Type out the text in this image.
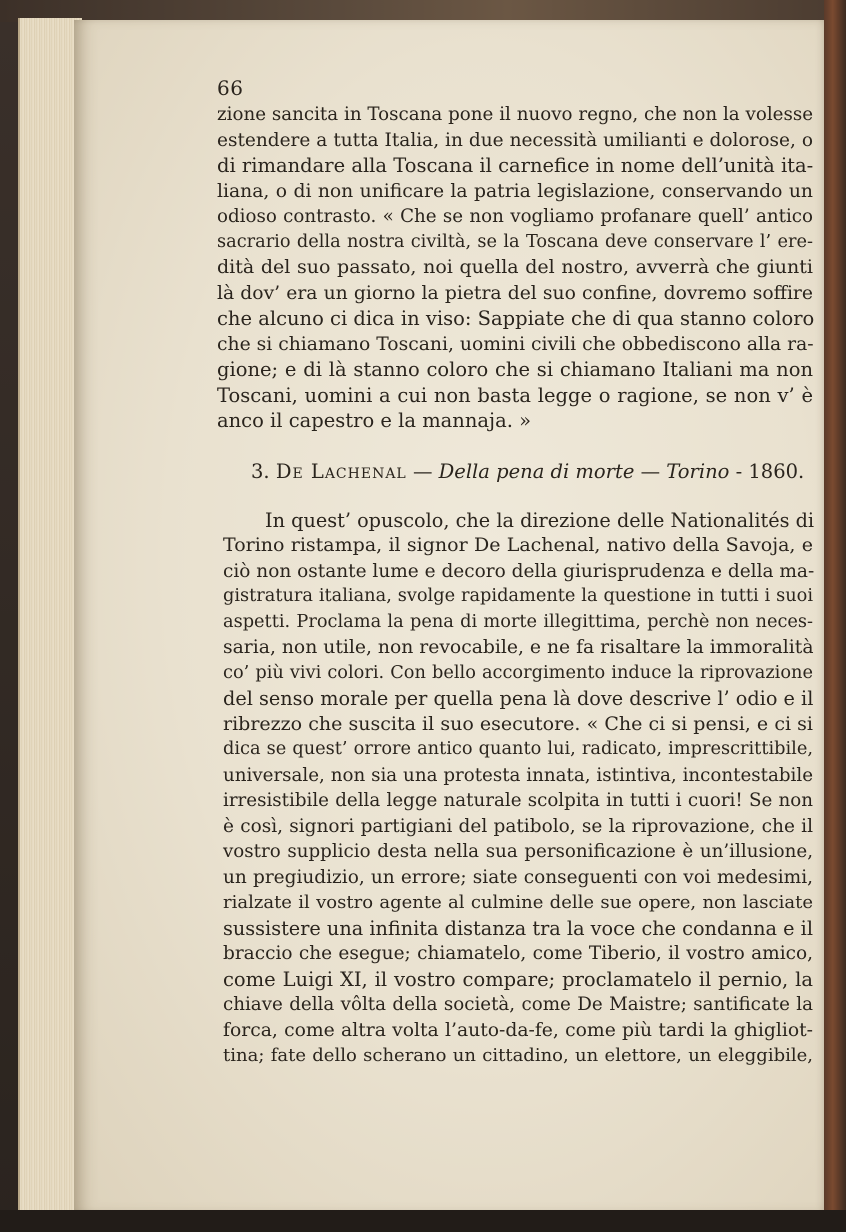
66
zione sancita in Toscana pone il nuovo regno, che non la volesse
estendere a tutta Italia, in due necessità umilianti e dolorose, o
di rimandare alla Toscana il carnefice in nome dell’unità ita-
liana, o di non unificare la patria legislazione, conservando un
odioso contrasto. « Che se non vogliamo profanare quell’ antico
sacrario della nostra civiltà, se la Toscana deve conservare l’ ere-
dità del suo passato, noi quella del nostro, avverrà che giunti
là dov’ era un giorno la pietra del suo confine, dovremo soffire
che alcuno ci dica in viso: Sappiate che di qua stanno coloro
che si chiamano Toscani, uomini civili che obbediscono alla ra-
gione; e di là stanno coloro che si chiamano Italiani ma non
Toscani, uomini a cui non basta legge o ragione, se non v’ è
anco il capestro e la mannaja. »
3. De Lachenal — Della pena di morte — Torino - 1860.
In quest’ opuscolo, che la direzione delle Nationalités di
Torino ristampa, il signor De Lachenal, nativo della Savoja, e
ciò non ostante lume e decoro della giurisprudenza e della ma-
gistratura italiana, svolge rapidamente la questione in tutti i suoi
aspetti. Proclama la pena di morte illegittima, perchè non neces-
saria, non utile, non revocabile, e ne fa risaltare la immoralità
co’ più vivi colori. Con bello accorgimento induce la riprovazione
del senso morale per quella pena là dove descrive l’ odio e il
ribrezzo che suscita il suo esecutore. « Che ci si pensi, e ci si
dica se quest’ orrore antico quanto lui, radicato, imprescrittibile,
universale, non sia una protesta innata, istintiva, incontestabile
irresistibile della legge naturale scolpita in tutti i cuori! Se non
è così, signori partigiani del patibolo, se la riprovazione, che il
vostro supplicio desta nella sua personificazione è un’illusione,
un pregiudizio, un errore; siate conseguenti con voi medesimi,
rialzate il vostro agente al culmine delle sue opere, non lasciate
sussistere una infinita distanza tra la voce che condanna e il
braccio che esegue; chiamatelo, come Tiberio, il vostro amico,
come Luigi XI, il vostro compare; proclamatelo il pernio, la
chiave della vôlta della società, come De Maistre; santificate la
forca, come altra volta l’auto-da-fe, come più tardi la ghigliot-
tina; fate dello scherano un cittadino, un elettore, un eleggibile,
